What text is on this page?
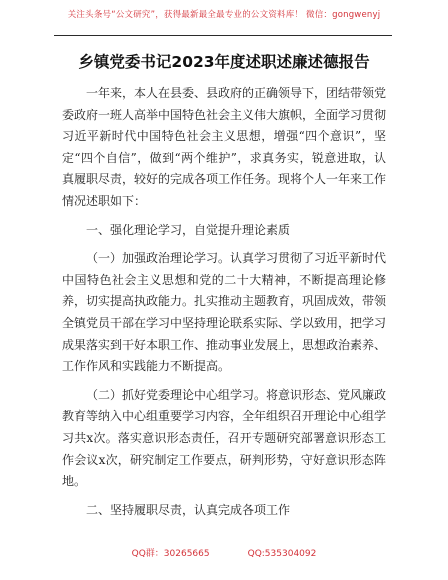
关注头条号“公文研究”，获得最新最全最专业的公文资料库！ 微信：gongwenyj
乡镇党委书记2023年度述职述廉述德报告

一年来，本人在县委、县政府的正确领导下，团结带领党委政府一班人高举中国特色社会主义伟大旗帜，全面学习贯彻习近平新时代中国特色社会主义思想，增强“四个意识”，坚定“四个自信”，做到“两个维护”，求真务实，锐意进取，认真履职尽责，较好的完成各项工作任务。现将个人一年来工作情况述职如下：

一、强化理论学习，自觉提升理论素质

（一）加强政治理论学习。认真学习贯彻了习近平新时代中国特色社会主义思想和党的二十大精神，不断提高理论修养，切实提高执政能力。扎实推动主题教育，巩固成效，带领全镇党员干部在学习中坚持理论联系实际、学以致用，把学习成果落实到干好本职工作、推动事业发展上，思想政治素养、工作作风和实践能力不断提高。

（二）抓好党委理论中心组学习。将意识形态、党风廉政教育等纳入中心组重要学习内容，全年组织召开理论中心组学习共x次。落实意识形态责任，召开专题研究部署意识形态工作会议x次，研究制定工作要点，研判形势，守好意识形态阵地。

二、坚持履职尽责，认真完成各项工作

QQ群：30265665	QQ:535304092
